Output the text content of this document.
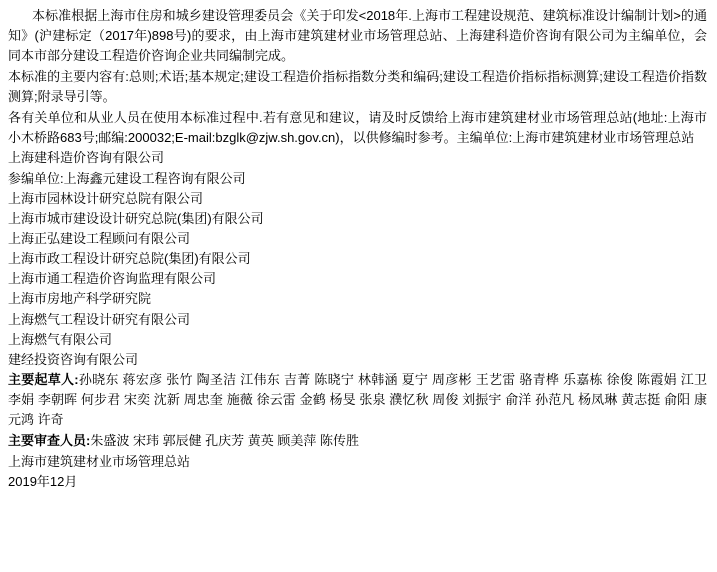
本标准根据上海市住房和城乡建设管理委员会《关于印发<2018年.上海市工程建设规范、建筑标准设计编制计划>的通知》(沪建标定（2017年)898号)的要求，由上海市建筑建材业市场管理总站、上海建科造价咨询有限公司为主编单位，会同本市部分建设工程造价咨询企业共同编制完成。

本标准的主要内容有:总则;术语;基本规定;建设工程造价指标指数分类和编码;建设工程造价指标指标测算;建设工程造价指数测算;附录导引等。

各有关单位和从业人员在使用本标准过程中.若有意见和建议，请及时反馈给上海市建筑建材业市场管理总站(地址:上海市小木桥路683号;邮编:200032;E-mail:bzglk@zjw.sh.gov.cn)，以供修编时参考。主编单位:上海市建筑建材业市场管理总站

上海建科造价咨询有限公司

参编单位:上海鑫元建设工程咨询有限公司

上海市园林设计研究总院有限公司

上海市城市建设设计研究总院(集团)有限公司

上海正弘建设工程顾问有限公司

上海市政工程设计研究总院(集团)有限公司

上海市通工程造价咨询监理有限公司

上海市房地产科学研究院

上海燃气工程设计研究有限公司

上海燃气有限公司

建经投资咨询有限公司

主要起草人:孙晓东 蒋宏彦 张竹 陶圣洁 江伟东 吉菁 陈晓宁 林韩涵 夏宁 周彦彬 王艺雷 骆青桦 乐嘉栋 徐俊 陈霞娟 江卫 李娟 李朝晖 何步君 宋奕 沈新 周忠奎 施薇 徐云雷 金鹤 杨旻 张泉 濮忆秋 周俊 刘振宇 俞洋 孙范凡 杨凤琳 黄志挺 俞阳 康元鸿 许奇

主要审查人员:朱盛波 宋玮 郭辰健 孔庆芳 黄英 顾美萍 陈传胜

上海市建筑建材业市场管理总站

2019年12月
